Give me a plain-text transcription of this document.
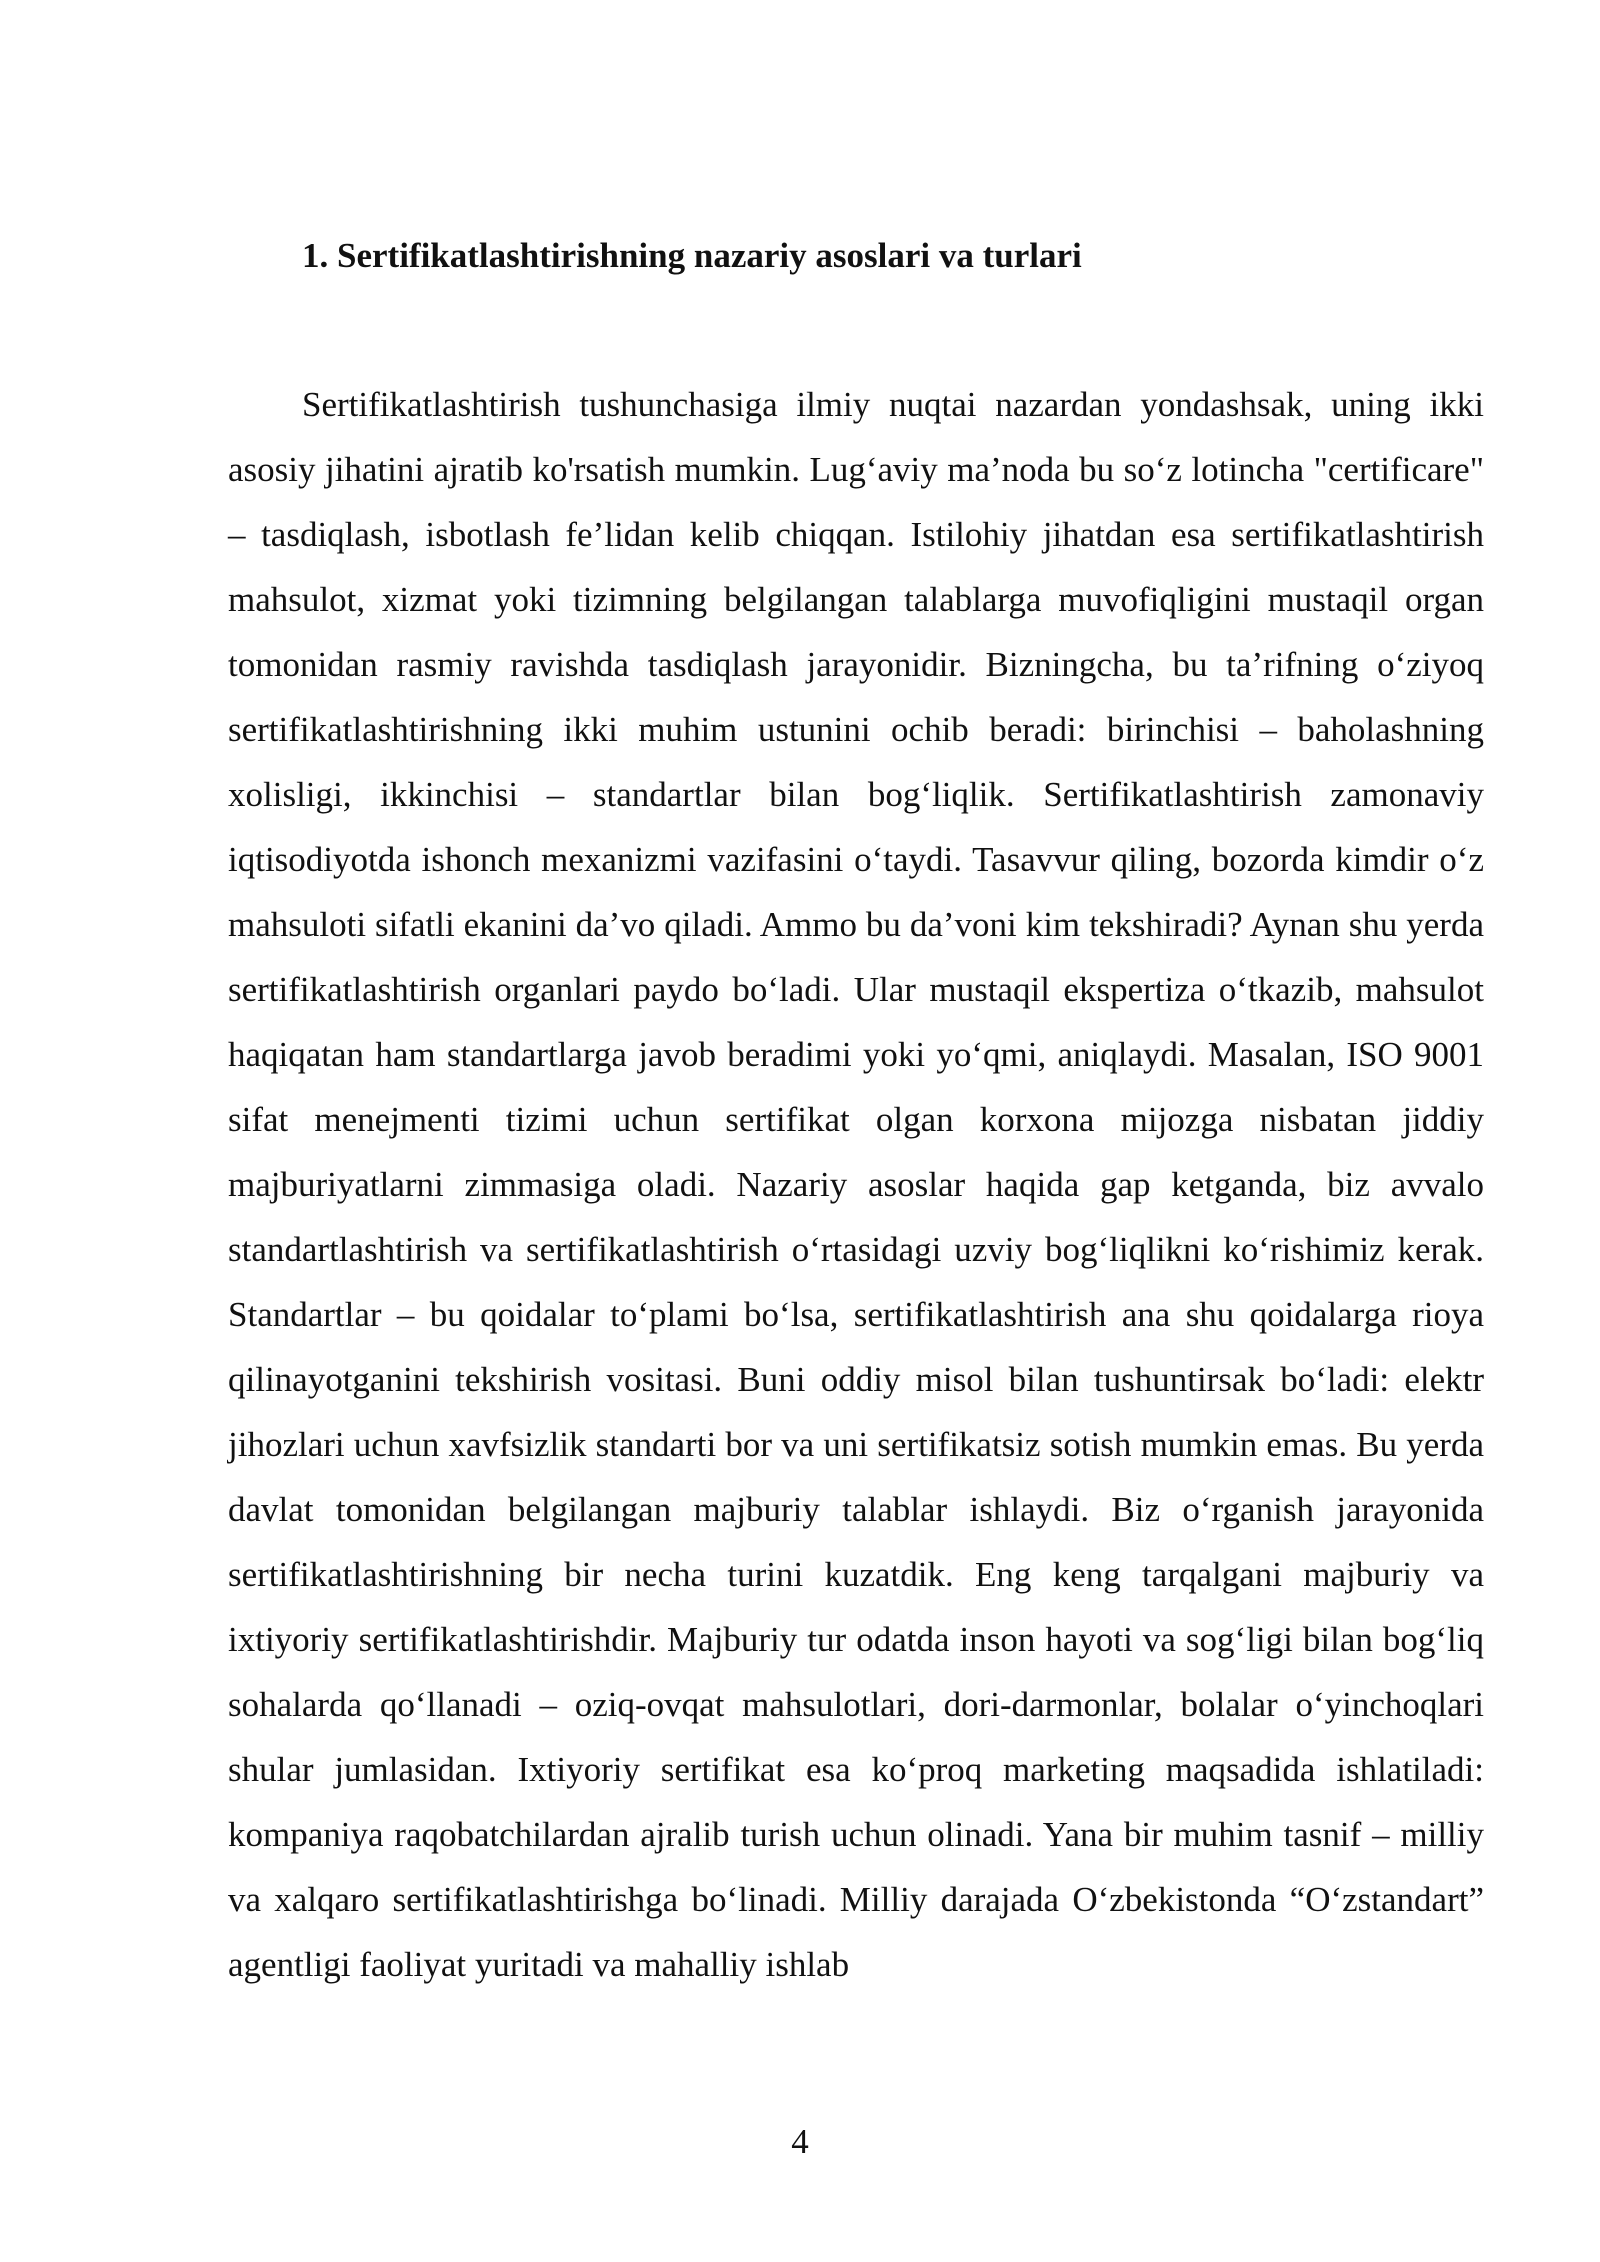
1. Sertifikatlashtirishning nazariy asoslari va turlari

Sertifikatlashtirish tushunchasiga ilmiy nuqtai nazardan yondashsak, uning ikki asosiy jihatini ajratib ko'rsatish mumkin. Lug‘aviy ma’noda bu so‘z lotincha "certificare" – tasdiqlash, isbotlash fe’lidan kelib chiqqan. Istilohiy jihatdan esa sertifikatlashtirish mahsulot, xizmat yoki tizimning belgilangan talablarga muvofiqligini mustaqil organ tomonidan rasmiy ravishda tasdiqlash jarayonidir. Bizningcha, bu ta’rifning o‘ziyoq sertifikatlashtirishning ikki muhim ustunini ochib beradi: birinchisi – baholashning xolisligi, ikkinchisi – standartlar bilan bog‘liqlik. Sertifikatlashtirish zamonaviy iqtisodiyotda ishonch mexanizmi vazifasini o‘taydi. Tasavvur qiling, bozorda kimdir o‘z mahsuloti sifatli ekanini da’vo qiladi. Ammo bu da’voni kim tekshiradi? Aynan shu yerda sertifikatlashtirish organlari paydo bo‘ladi. Ular mustaqil ekspertiza o‘tkazib, mahsulot haqiqatan ham standartlarga javob beradimi yoki yo‘qmi, aniqlaydi. Masalan, ISO 9001 sifat menejmenti tizimi uchun sertifikat olgan korxona mijozga nisbatan jiddiy majburiyatlarni zimmasiga oladi. Nazariy asoslar haqida gap ketganda, biz avvalo standartlashtirish va sertifikatlashtirish o‘rtasidagi uzviy bog‘liqlikni ko‘rishimiz kerak. Standartlar – bu qoidalar to‘plami bo‘lsa, sertifikatlashtirish ana shu qoidalarga rioya qilinayotganini tekshirish vositasi. Buni oddiy misol bilan tushuntirsak bo‘ladi: elektr jihozlari uchun xavfsizlik standarti bor va uni sertifikatsiz sotish mumkin emas. Bu yerda davlat tomonidan belgilangan majburiy talablar ishlaydi. Biz o‘rganish jarayonida sertifikatlashtirishning bir necha turini kuzatdik. Eng keng tarqalgani majburiy va ixtiyoriy sertifikatlashtirishdir. Majburiy tur odatda inson hayoti va sog‘ligi bilan bog‘liq sohalarda qo‘llanadi – oziq-ovqat mahsulotlari, dori-darmonlar, bolalar o‘yinchoqlari shular jumlasidan. Ixtiyoriy sertifikat esa ko‘proq marketing maqsadida ishlatiladi: kompaniya raqobatchilardan ajralib turish uchun olinadi. Yana bir muhim tasnif – milliy va xalqaro sertifikatlashtirishga bo‘linadi. Milliy darajada O‘zbekistonda “O‘zstandart” agentligi faoliyat yuritadi va mahalliy ishlab

4
